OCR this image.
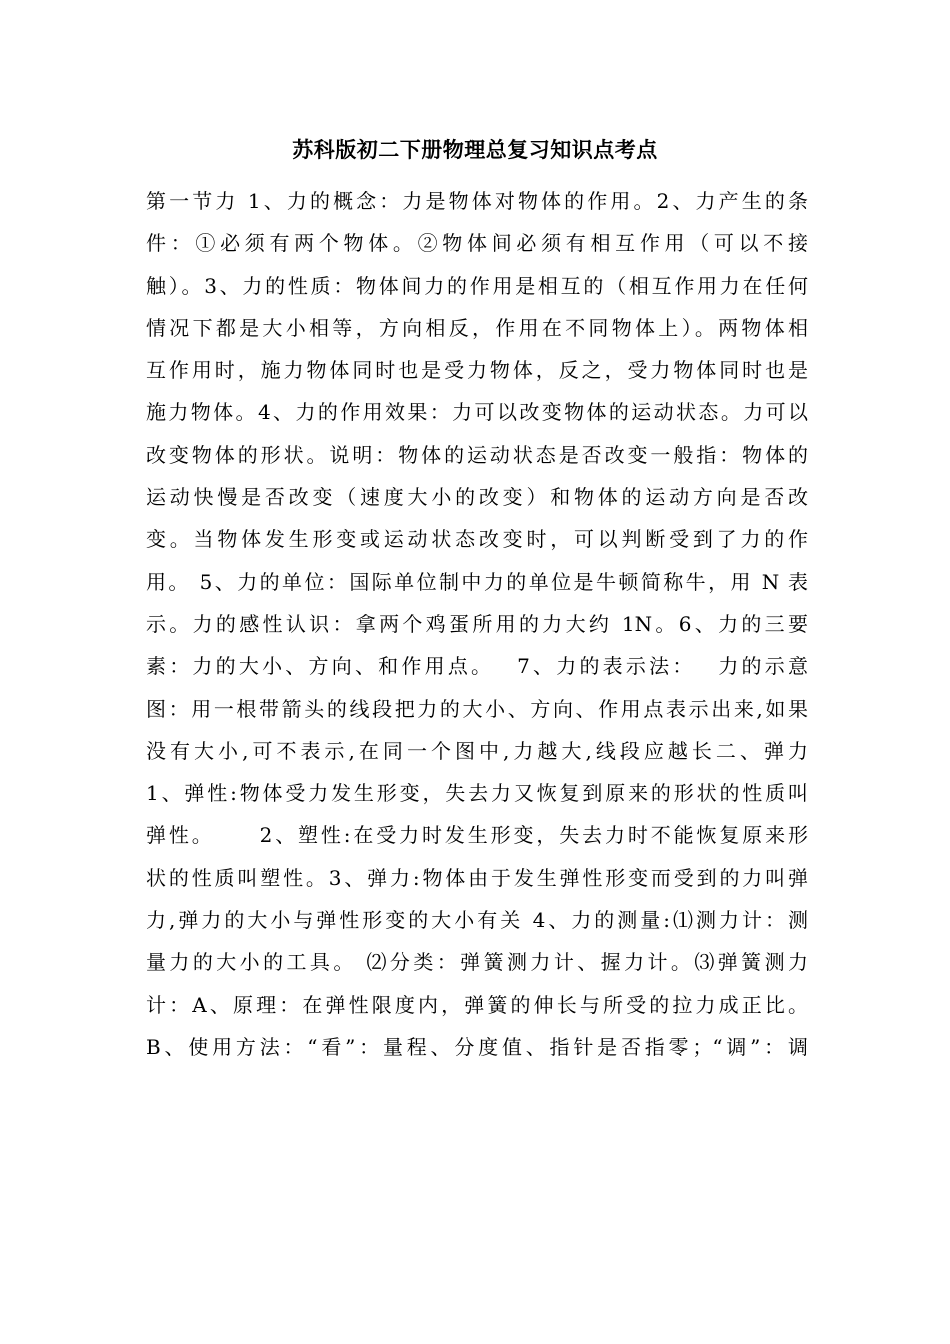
苏科版初二下册物理总复习知识点考点
第一节力 1、力的概念：力是物体对物体的作用。2、力产生的条
件：①必须有两个物体。②物体间必须有相互作用（可以不接
触）。3、力的性质：物体间力的作用是相互的（相互作用力在任何
情况下都是大小相等，方向相反，作用在不同物体上）。两物体相
互作用时，施力物体同时也是受力物体，反之，受力物体同时也是
施力物体。4、力的作用效果：力可以改变物体的运动状态。力可以
改变物体的形状。说明：物体的运动状态是否改变一般指：物体的
运动快慢是否改变（速度大小的改变）和物体的运动方向是否改
变。当物体发生形变或运动状态改变时，可以判断受到了力的作
用。 5、力的单位：国际单位制中力的单位是牛顿简称牛，用 N 表
示。力的感性认识：拿两个鸡蛋所用的力大约 1N。6、力的三要
素：力的大小、方向、和作用点。　 7、力的表示法：　 力的示意
图：用一根带箭头的线段把力的大小、方向、作用点表示出来,如果
没有大小,可不表示,在同一个图中,力越大,线段应越长二、弹力
1、弹性:物体受力发生形变，失去力又恢复到原来的形状的性质叫
弹性。　　 2、塑性:在受力时发生形变，失去力时不能恢复原来形
状的性质叫塑性。3、弹力:物体由于发生弹性形变而受到的力叫弹
力,弹力的大小与弹性形变的大小有关 4、力的测量:⑴测力计：测
量力的大小的工具。 ⑵分类：弹簧测力计、握力计。⑶弹簧测力
计：A、原理：在弹性限度内，弹簧的伸长与所受的拉力成正比。
B、使用方法：“看”：量程、分度值、指针是否指零；“调”：调
